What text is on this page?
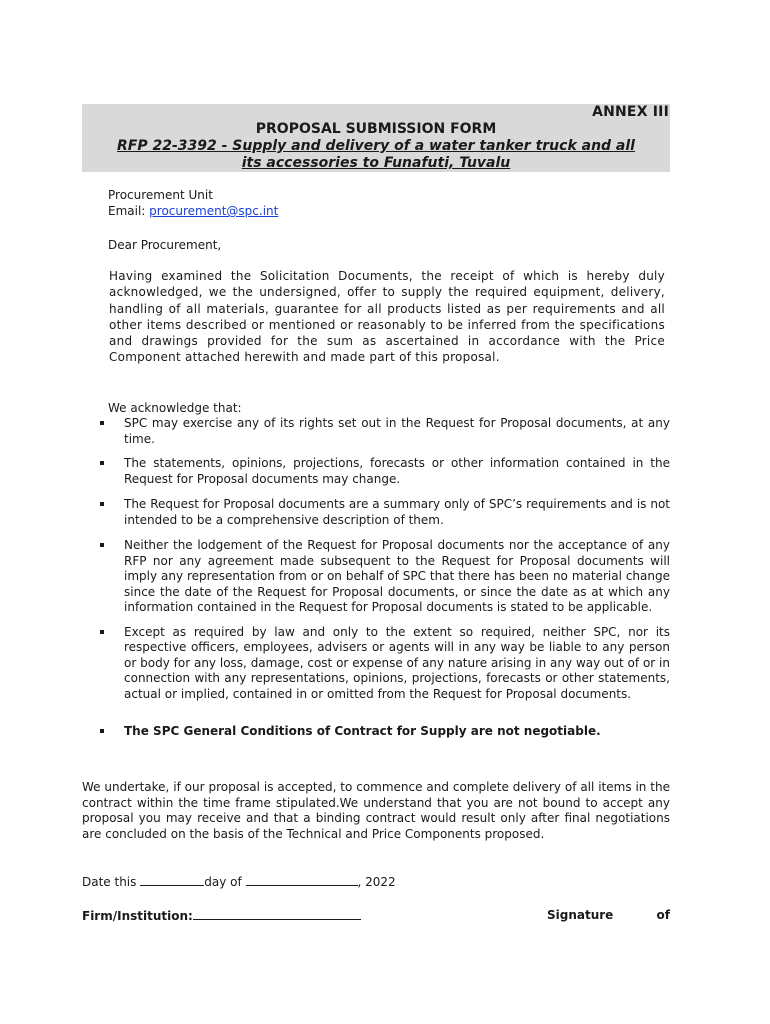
ANNEX III
PROPOSAL SUBMISSION FORM
RFP 22-3392 - Supply and delivery of a water tanker truck and all
its accessories to Funafuti, Tuvalu
Procurement Unit
Email: procurement@spc.int
Dear Procurement,
Having examined the Solicitation Documents, the receipt of which is hereby duly acknowledged, we the undersigned, offer to supply the required equipment, delivery, handling of all materials, guarantee for all products listed as per requirements and all other items described or mentioned or reasonably to be inferred from the specifications and drawings provided for the sum as ascertained in accordance with the Price Component attached herewith and made part of this proposal.
We acknowledge that:
SPC may exercise any of its rights set out in the Request for Proposal documents, at any time.
The statements, opinions, projections, forecasts or other information contained in the Request for Proposal documents may change.
The Request for Proposal documents are a summary only of SPC’s requirements and is not intended to be a comprehensive description of them.
Neither the lodgement of the Request for Proposal documents nor the acceptance of any RFP nor any agreement made subsequent to the Request for Proposal documents will imply any representation from or on behalf of SPC that there has been no material change since the date of the Request for Proposal documents, or since the date as at which any information contained in the Request for Proposal documents is stated to be applicable.
Except as required by law and only to the extent so required, neither SPC, nor its respective officers, employees, advisers or agents will in any way be liable to any person or body for any loss, damage, cost or expense of any nature arising in any way out of or in connection with any representations, opinions, projections, forecasts or other statements, actual or implied, contained in or omitted from the Request for Proposal documents.
The SPC General Conditions of Contract for Supply are not negotiable.
We undertake, if our proposal is accepted, to commence and complete delivery of all items in the contract within the time frame stipulated.We understand that you are not bound to accept any proposal you may receive and that a binding contract would result only after final negotiations are concluded on the basis of the Technical and Price Components proposed.
Date this	day of	, 2022
Firm/Institution:	Signature	of
